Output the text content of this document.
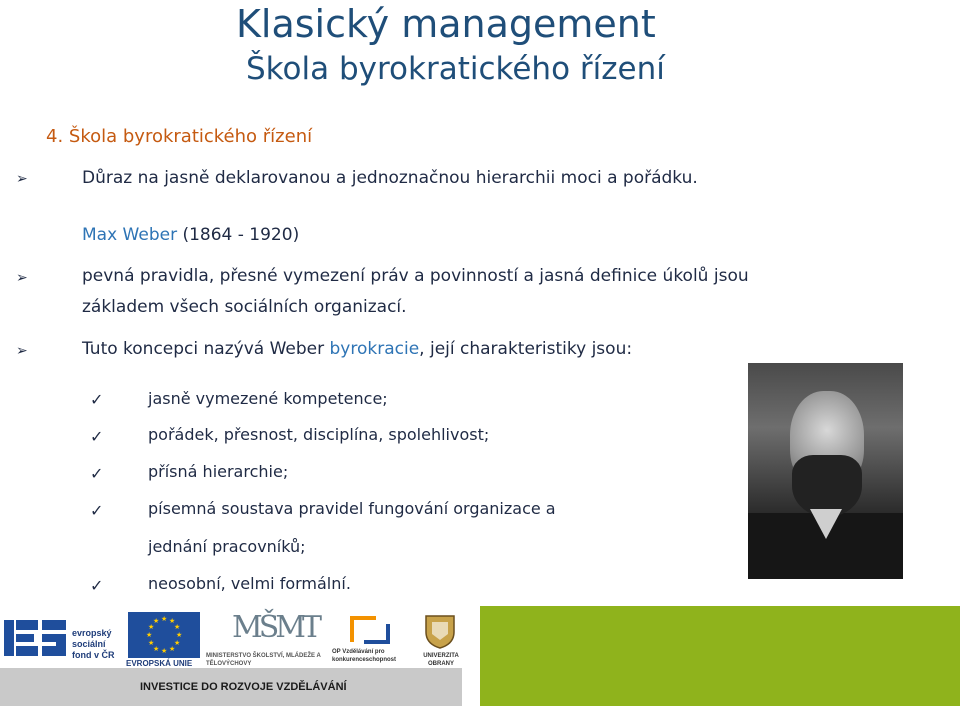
Klasický management
Škola byrokratického řízení
4. Škola byrokratického řízení
➢	Důraz na jasně deklarovanou a jednoznačnou hierarchii moci a pořádku.
Max Weber (1864 - 1920)
➢	pevná pravidla, přesné vymezení práv a povinností a jasná definice úkolů jsou
základem všech sociálních organizací.
➢	Tuto koncepci nazývá Weber byrokracie, její charakteristiky jsou:
✓	jasně vymezené kompetence;
✓	pořádek, přesnost, disciplína, spolehlivost;
✓	přísná hierarchie;
✓	písemná soustava pravidel fungování organizace a
jednání pracovníků;
✓	neosobní, velmi formální.
evropský sociální fond v ČR
★ ★
★
★
★
★
★
★
★
★
★
★
EVROPSKÁ UNIE
MŠMT
MINISTERSTVO ŠKOLSTVÍ, MLÁDEŽE A TĚLOVÝCHOVY
OP Vzdělávání pro konkurenceschopnost
UNIVERZITA OBRANY
INVESTICE DO ROZVOJE VZDĚLÁVÁNÍ
